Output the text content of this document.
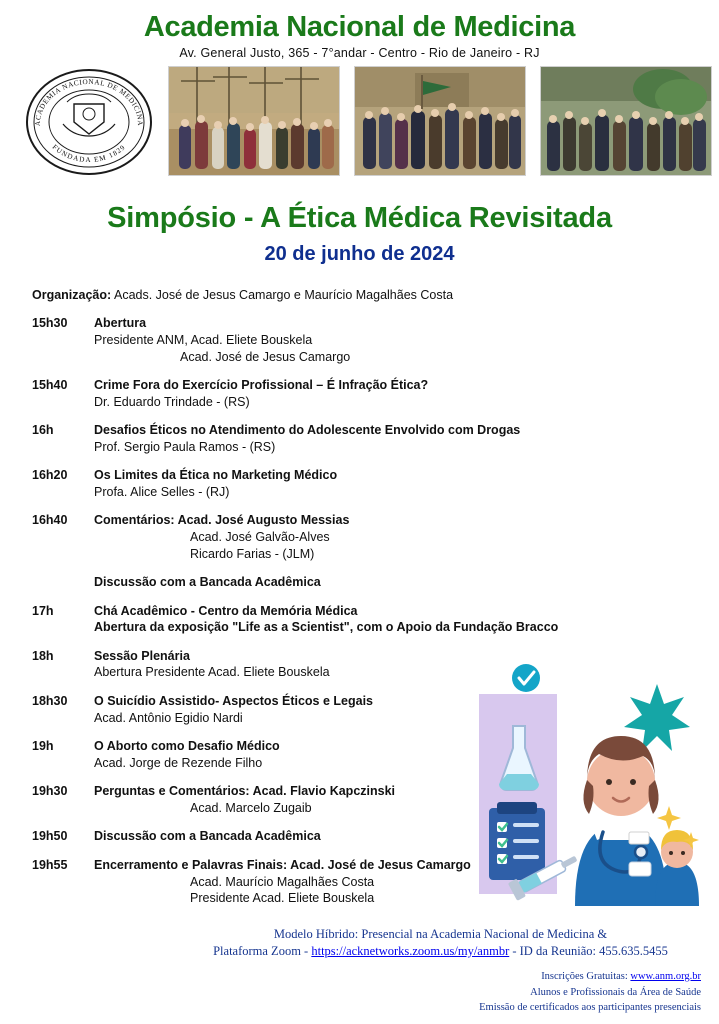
Academia Nacional de Medicina
Av. General Justo, 365 - 7°andar - Centro - Rio de Janeiro - RJ
ACADEMIA NACIONAL DE MEDICINA
FUNDADA EM 1829
Simpósio - A Ética Médica Revisitada
20 de junho de 2024
Organização: Acads. José de Jesus Camargo e Maurício Magalhães Costa
15h30	Abertura
Presidente ANM, Acad. Eliete Bouskela
Acad. José de Jesus Camargo
15h40	Crime Fora do Exercício Profissional – É Infração Ética?
Dr. Eduardo Trindade - (RS)
16h	Desafios Éticos no Atendimento do Adolescente Envolvido com Drogas
Prof. Sergio Paula Ramos - (RS)
16h20	Os Limites da Ética no Marketing Médico
Profa. Alice Selles - (RJ)
16h40	Comentários: Acad. José Augusto Messias
Acad. José Galvão-Alves
Ricardo Farias - (JLM)
Discussão com a Bancada Acadêmica
17h	Chá Acadêmico - Centro da Memória Médica
Abertura da exposição "Life as a Scientist", com o Apoio da Fundação Bracco
18h	Sessão Plenária
Abertura Presidente Acad. Eliete Bouskela
18h30	O Suicídio Assistido- Aspectos Éticos e Legais
Acad. Antônio Egidio Nardi
19h	O Aborto como Desafio Médico
Acad. Jorge de Rezende Filho
19h30	Perguntas e Comentários: Acad. Flavio Kapczinski
Acad. Marcelo Zugaib
19h50	Discussão com a Bancada Acadêmica
19h55	Encerramento e Palavras Finais: Acad. José de Jesus Camargo
Acad. Maurício Magalhães Costa
Presidente Acad. Eliete Bouskela
Modelo Híbrido: Presencial na Academia Nacional de Medicina &
Plataforma Zoom - https://acknetworks.zoom.us/my/anmbr - ID da Reunião: 455.635.5455
Inscrições Gratuitas: www.anm.org.br
Alunos e Profissionais da Área de Saúde
Emissão de certificados aos participantes presenciais
